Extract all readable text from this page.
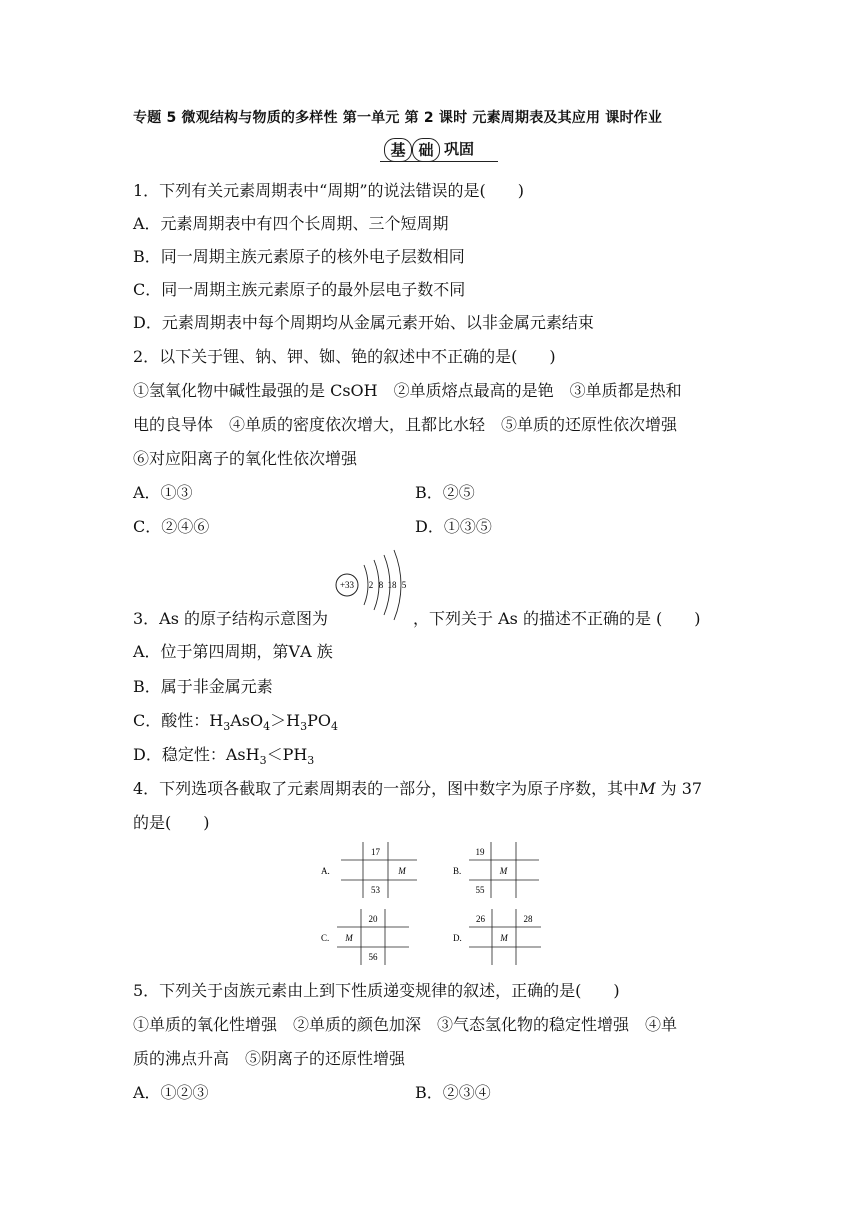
专题 5 微观结构与物质的多样性 第一单元 第 2 课时 元素周期表及其应用 课时作业
基 础 巩固
1．下列有关元素周期表中“周期”的说法错误的是(　　)
A．元素周期表中有四个长周期、三个短周期
B．同一周期主族元素原子的核外电子层数相同
C．同一周期主族元素原子的最外层电子数不同
D．元素周期表中每个周期均从金属元素开始、以非金属元素结束
2．以下关于锂、钠、钾、铷、铯的叙述中不正确的是(　　)
①氢氧化物中碱性最强的是 CsOH　②单质熔点最高的是铯　③单质都是热和
电的良导体　④单质的密度依次增大，且都比水轻　⑤单质的还原性依次增强
⑥对应阳离子的氧化性依次增强
A．①③	B．②⑤
C．②④⑥	D．①③⑤
3．As 的原子结构示意图为
+33 2 8 18 5
，下列关于 As 的描述不正确的是 (　　)
A．位于第四周期，第ⅤA 族
B．属于非金属元素
C．酸性：$H_3AsO_4>H_3PO_4$
D．稳定性：$AsH_3<PH_3$
4．下列选项各截取了元素周期表的一部分，图中数字为原子序数，其中M 为 37
的是(　　)
A.
17
M
53
B.
19
M
55
C.
20
M
56
D.
26	28
M
5．下列关于卤族元素由上到下性质递变规律的叙述，正确的是(　　)
①单质的氧化性增强　②单质的颜色加深　③气态氢化物的稳定性增强　④单
质的沸点升高　⑤阴离子的还原性增强
A．①②③	B．②③④
